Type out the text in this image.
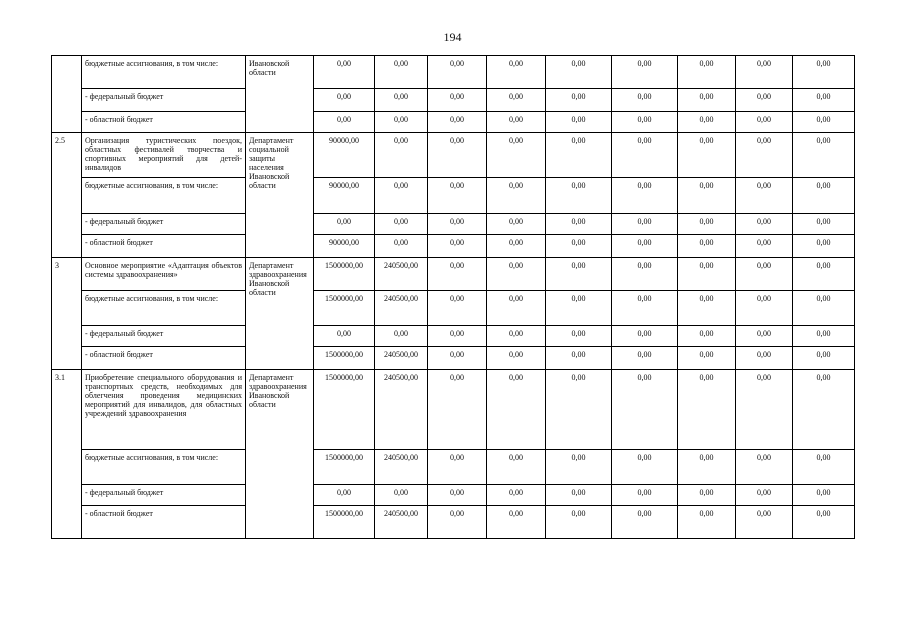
194
	бюджетные ассигнования, в том числе:	Ивановской области	0,00	0,00	0,00	0,00	0,00	0,00	0,00	0,00	0,00
	- федеральный бюджет		0,00	0,00	0,00	0,00	0,00	0,00	0,00	0,00	0,00
	- областной бюджет		0,00	0,00	0,00	0,00	0,00	0,00	0,00	0,00	0,00
2.5	Организация туристических поездок, областных фестивалей творчества и спортивных мероприятий для детей-инвалидов	Департамент социальной защиты населения Ивановской области	90000,00	0,00	0,00	0,00	0,00	0,00	0,00	0,00	0,00
	бюджетные ассигнования, в том числе:		90000,00	0,00	0,00	0,00	0,00	0,00	0,00	0,00	0,00
	- федеральный бюджет		0,00	0,00	0,00	0,00	0,00	0,00	0,00	0,00	0,00
	- областной бюджет		90000,00	0,00	0,00	0,00	0,00	0,00	0,00	0,00	0,00
3	Основное мероприятие «Адаптация объектов системы здравоохранения»	Департамент здравоохранения Ивановской области	1500000,00	240500,00	0,00	0,00	0,00	0,00	0,00	0,00	0,00
	бюджетные ассигнования, в том числе:		1500000,00	240500,00	0,00	0,00	0,00	0,00	0,00	0,00	0,00
	- федеральный бюджет		0,00	0,00	0,00	0,00	0,00	0,00	0,00	0,00	0,00
	- областной бюджет		1500000,00	240500,00	0,00	0,00	0,00	0,00	0,00	0,00	0,00
3.1	Приобретение специального оборудования и транспортных средств, необходимых для облегчения проведения медицинских мероприятий для инвалидов, для областных учреждений здравоохранения	Департамент здравоохранения Ивановской области	1500000,00	240500,00	0,00	0,00	0,00	0,00	0,00	0,00	0,00
	бюджетные ассигнования, в том числе:		1500000,00	240500,00	0,00	0,00	0,00	0,00	0,00	0,00	0,00
	- федеральный бюджет		0,00	0,00	0,00	0,00	0,00	0,00	0,00	0,00	0,00
	- областной бюджет		1500000,00	240500,00	0,00	0,00	0,00	0,00	0,00	0,00	0,00
